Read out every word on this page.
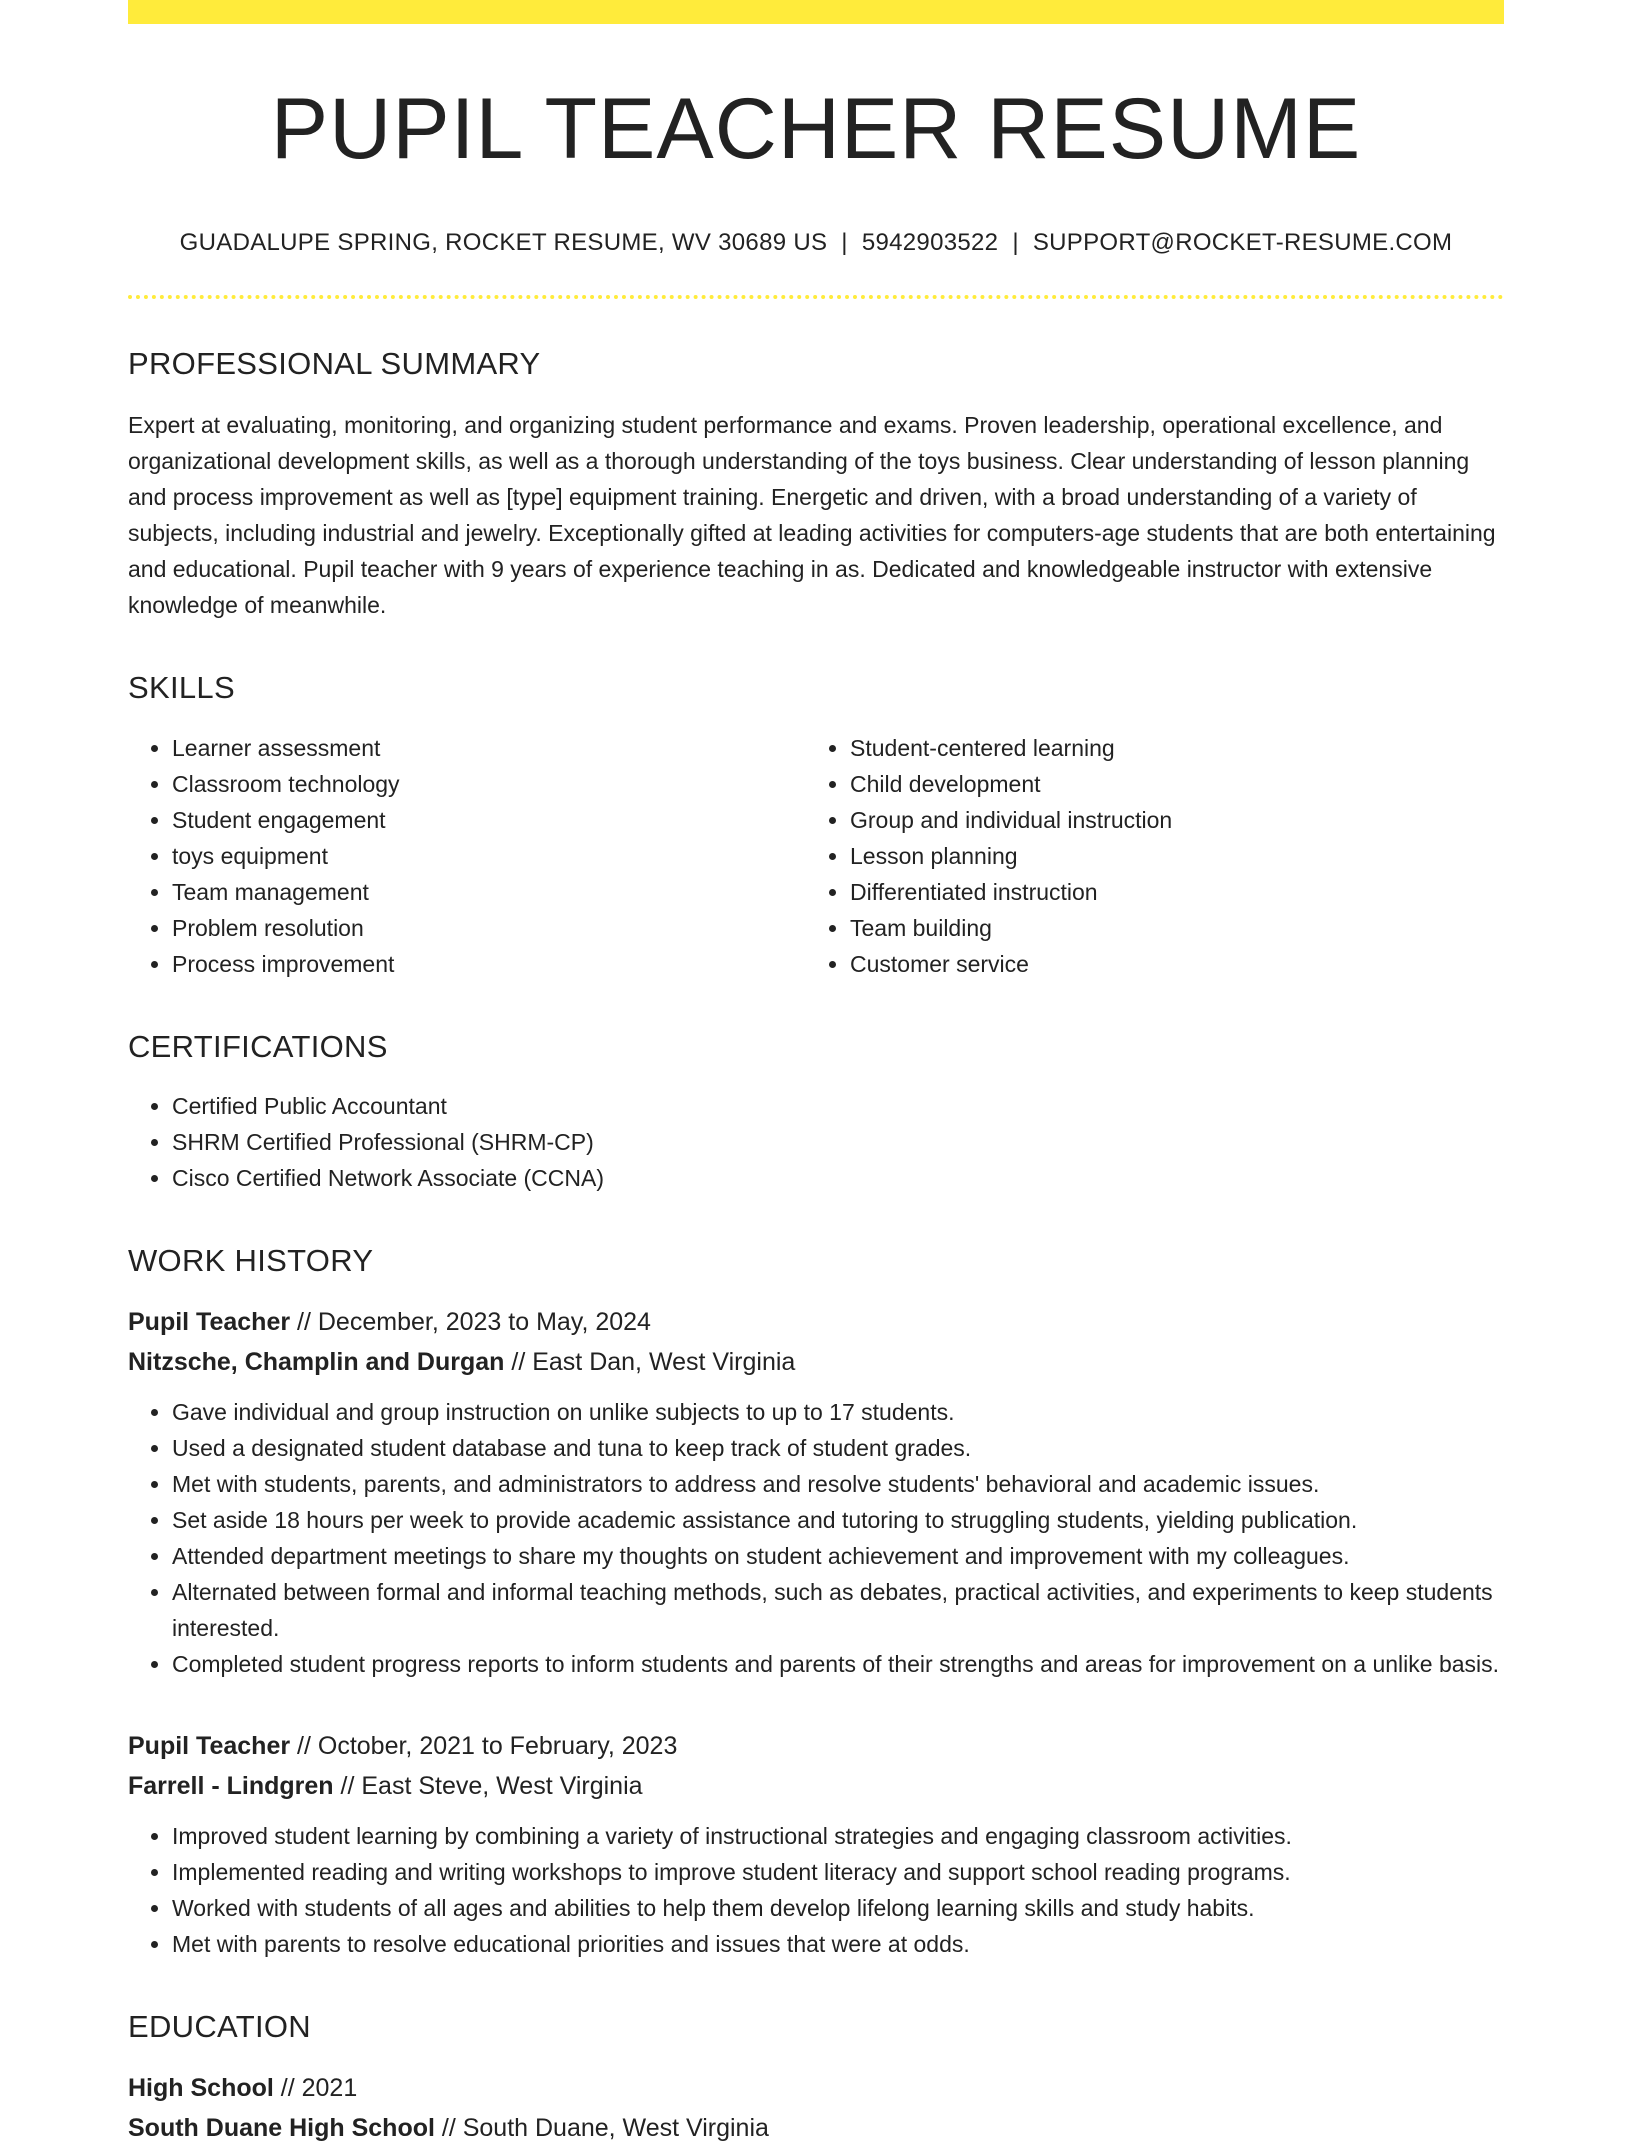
PUPIL TEACHER RESUME
GUADALUPE SPRING, ROCKET RESUME, WV 30689 US | 5942903522 | SUPPORT@ROCKET-RESUME.COM
PROFESSIONAL SUMMARY
Expert at evaluating, monitoring, and organizing student performance and exams. Proven leadership, operational excellence, and organizational development skills, as well as a thorough understanding of the toys business. Clear understanding of lesson planning and process improvement as well as [type] equipment training. Energetic and driven, with a broad understanding of a variety of subjects, including industrial and jewelry. Exceptionally gifted at leading activities for computers-age students that are both entertaining and educational. Pupil teacher with 9 years of experience teaching in as. Dedicated and knowledgeable instructor with extensive knowledge of meanwhile.
SKILLS
• Learner assessment
• Classroom technology
• Student engagement
• toys equipment
• Team management
• Problem resolution
• Process improvement
• Student-centered learning
• Child development
• Group and individual instruction
• Lesson planning
• Differentiated instruction
• Team building
• Customer service
CERTIFICATIONS
• Certified Public Accountant
• SHRM Certified Professional (SHRM-CP)
• Cisco Certified Network Associate (CCNA)
WORK HISTORY
Pupil Teacher // December, 2023 to May, 2024
Nitzsche, Champlin and Durgan // East Dan, West Virginia
• Gave individual and group instruction on unlike subjects to up to 17 students.
• Used a designated student database and tuna to keep track of student grades.
• Met with students, parents, and administrators to address and resolve students' behavioral and academic issues.
• Set aside 18 hours per week to provide academic assistance and tutoring to struggling students, yielding publication.
• Attended department meetings to share my thoughts on student achievement and improvement with my colleagues.
• Alternated between formal and informal teaching methods, such as debates, practical activities, and experiments to keep students interested.
• Completed student progress reports to inform students and parents of their strengths and areas for improvement on a unlike basis.
Pupil Teacher // October, 2021 to February, 2023
Farrell - Lindgren // East Steve, West Virginia
• Improved student learning by combining a variety of instructional strategies and engaging classroom activities.
• Implemented reading and writing workshops to improve student literacy and support school reading programs.
• Worked with students of all ages and abilities to help them develop lifelong learning skills and study habits.
• Met with parents to resolve educational priorities and issues that were at odds.
EDUCATION
High School // 2021
South Duane High School // South Duane, West Virginia
